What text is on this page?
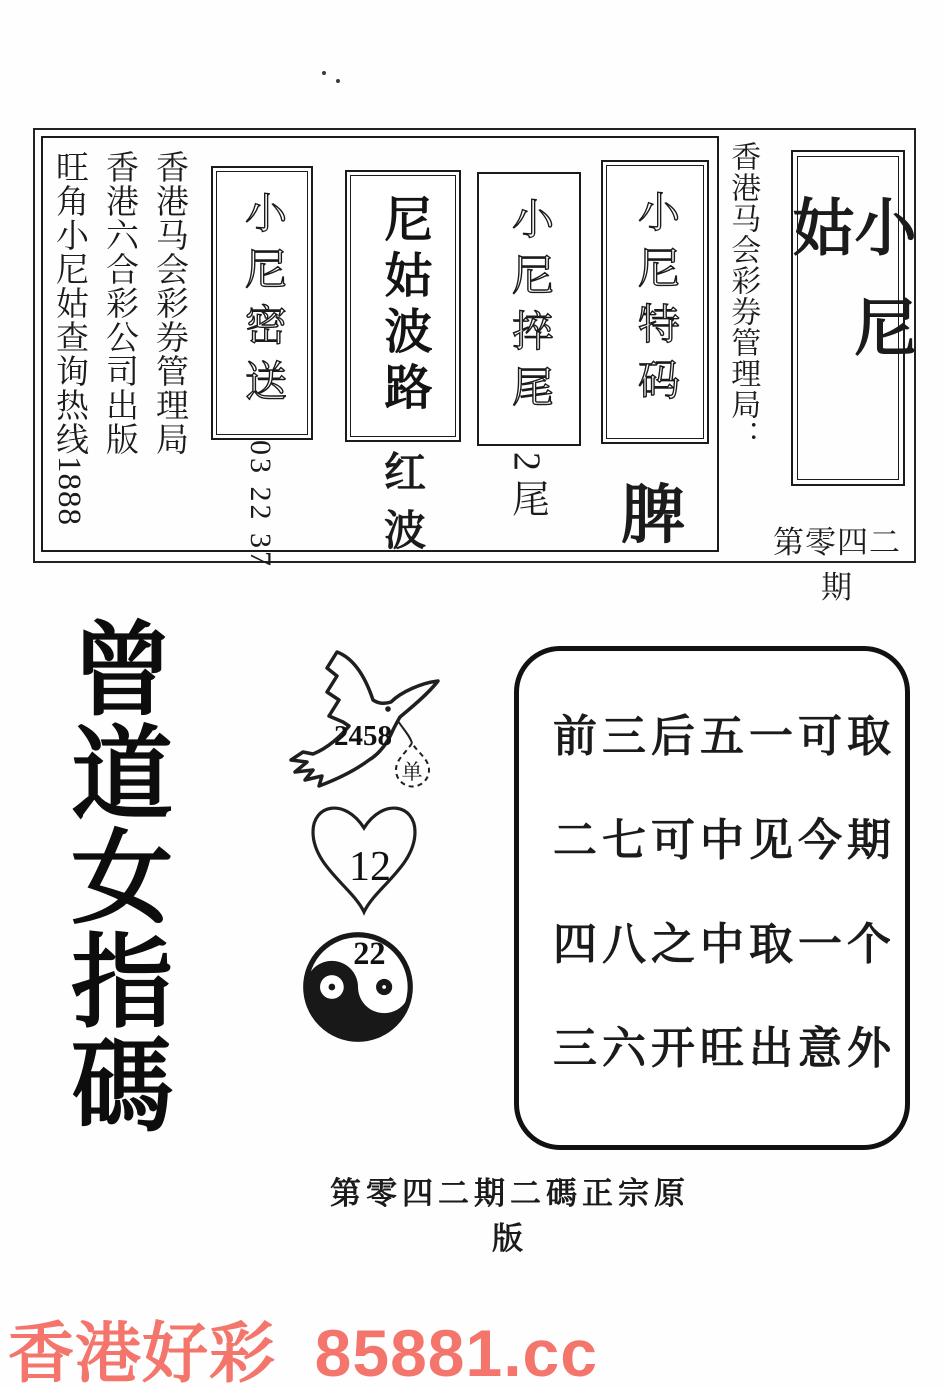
旺角小尼姑查询热线1888 香港六合彩公司出版 香港马会彩券管理局 小尼密送
03 22 37
尼姑波路
红波
小尼捽尾
2尾
小尼特码
脾
香港马会彩券管理局：	小尼姑
第零四二期
曾道女指碼	单
2458
12
22
前三后五一可取
二七可中见今期
四八之中取一个
三六开旺出意外
第零四二期二碼正宗原版
香港好彩  85881.cc
